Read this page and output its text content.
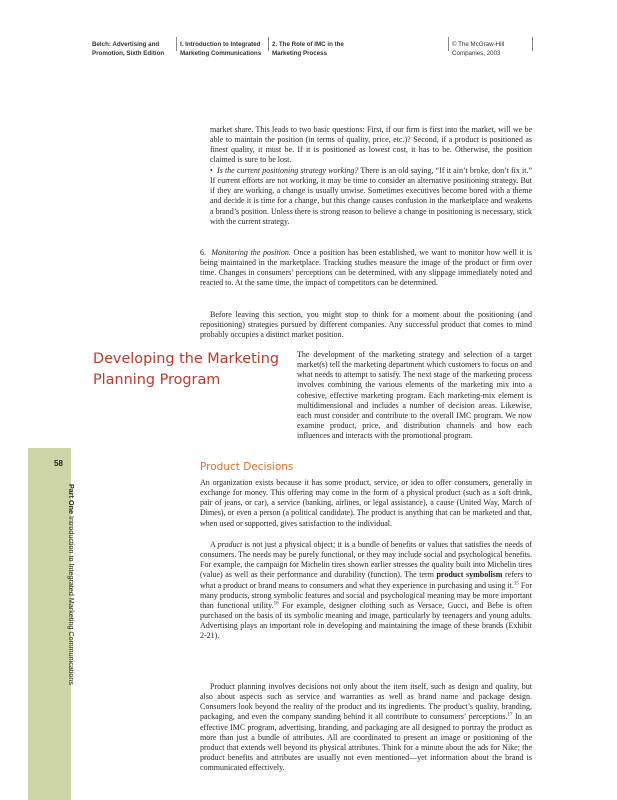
Belch: Advertising and Promotion, Sixth Edition
I. Introduction to Integrated Marketing Communications
2. The Role of IMC in the Marketing Process
© The McGraw-Hill Companies, 2003
58
Part One Introduction to Integrated Marketing Communications

market share. This leads to two basic questions: First, if our firm is first into the market, will we be able to maintain the position (in terms of quality, price, etc.)? Second, if a product is positioned as finest quality, it must be. If it is positioned as lowest cost, it has to be. Otherwise, the position claimed is sure to be lost.

• Is the current positioning strategy working? There is an old saying, “If it ain’t broke, don’t fix it.” If current efforts are not working, it may be time to consider an alternative positioning strategy. But if they are working, a change is usually unwise. Sometimes executives become bored with a theme and decide it is time for a change, but this change causes confusion in the marketplace and weakens a brand’s position. Unless there is strong reason to believe a change in positioning is necessary, stick with the current strategy.

6. Monitoring the position. Once a position has been established, we want to monitor how well it is being maintained in the marketplace. Tracking studies measure the image of the product or firm over time. Changes in consumers’ perceptions can be determined, with any slippage immediately noted and reacted to. At the same time, the impact of competitors can be determined.

Before leaving this section, you might stop to think for a moment about the positioning (and repositioning) strategies pursued by different companies. Any successful product that comes to mind probably occupies a distinct market position.

Developing the Marketing Planning Program

The development of the marketing strategy and selection of a target market(s) tell the marketing department which customers to focus on and what needs to attempt to satisfy. The next stage of the marketing process involves combining the various elements of the marketing mix into a cohesive, effective marketing program. Each marketing-mix element is multidimensional and includes a number of decision areas. Likewise, each must consider and contribute to the overall IMC program. We now examine product, price, and distribution channels and how each influences and interacts with the promotional program.

Product Decisions

An organization exists because it has some product, service, or idea to offer consumers, generally in exchange for money. This offering may come in the form of a physical product (such as a soft drink, pair of jeans, or car), a service (banking, airlines, or legal assistance), a cause (United Way, March of Dimes), or even a person (a political candidate). The product is anything that can be marketed and that, when used or supported, gives satisfaction to the individual.

A product is not just a physical object; it is a bundle of benefits or values that satisfies the needs of consumers. The needs may be purely functional, or they may include social and psychological benefits. For example, the campaign for Michelin tires shown earlier stresses the quality built into Michelin tires (value) as well as their performance and durability (function). The term product symbolism refers to what a product or brand means to consumers and what they experience in purchasing and using it.$^{15}$ For many products, strong symbolic features and social and psychological meaning may be more important than functional utility.$^{16}$ For example, designer clothing such as Versace, Gucci, and Bebe is often purchased on the basis of its symbolic meaning and image, particularly by teenagers and young adults. Advertising plays an important role in developing and maintaining the image of these brands (Exhibit 2-21).

Product planning involves decisions not only about the item itself, such as design and quality, but also about aspects such as service and warranties as well as brand name and package design. Consumers look beyond the reality of the product and its ingredients. The product’s quality, branding, packaging, and even the company standing behind it all contribute to consumers’ perceptions.$^{17}$ In an effective IMC program, advertising, branding, and packaging are all designed to portray the product as more than just a bundle of attributes. All are coordinated to present an image or positioning of the product that extends well beyond its physical attributes. Think for a minute about the ads for Nike; the product benefits and attributes are usually not even mentioned—yet information about the brand is communicated effectively.
